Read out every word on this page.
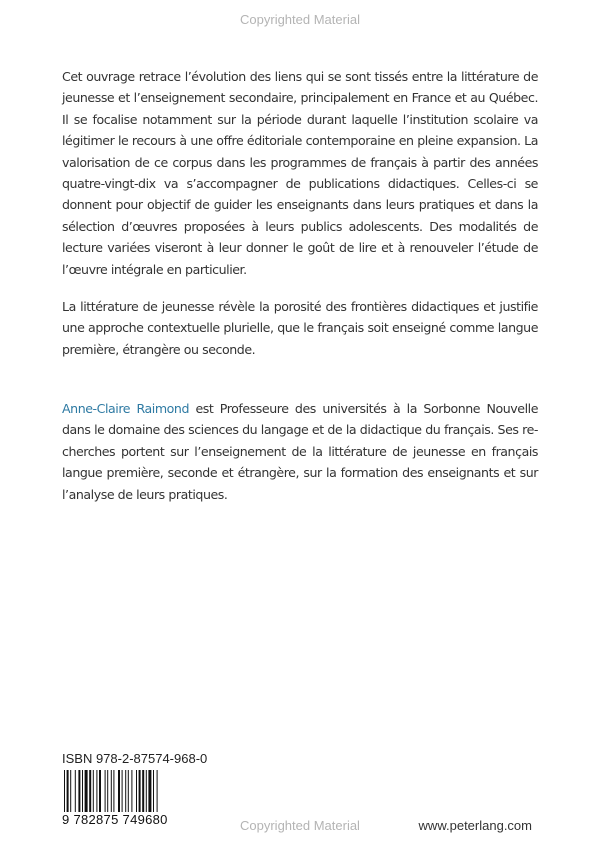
Copyrighted Material

Cet ouvrage retrace l’évolution des liens qui se sont tissés entre la littérature de jeunesse et l’enseignement secondaire, principalement en France et au Québec. Il se focalise notamment sur la période durant laquelle l’institution scolaire va légitimer le recours à une offre éditoriale contemporaine en pleine expansion. La valorisation de ce corpus dans les programmes de français à partir des années quatre-vingt-dix va s’accompagner de publications didactiques. Celles-ci se donnent pour objectif de guider les enseignants dans leurs pratiques et dans la sélection d’œuvres proposées à leurs publics adolescents. Des modalités de lecture variées viseront à leur donner le goût de lire et à renouveler l’étude de l’œuvre intégrale en particulier.

La littérature de jeunesse révèle la porosité des frontières didactiques et justifie une approche contextuelle plurielle, que le français soit enseigné comme langue première, étrangère ou seconde.

Anne-Claire Raimond est Professeure des universités à la Sorbonne Nouvelle dans le domaine des sciences du langage et de la didactique du français. Ses re-cherches portent sur l’enseignement de la littérature de jeunesse en français langue première, seconde et étrangère, sur la formation des enseignants et sur l’analyse de leurs pratiques.

ISBN 978-2-87574-968-0
9 782875 749680	Copyrighted Material	www.peterlang.com
